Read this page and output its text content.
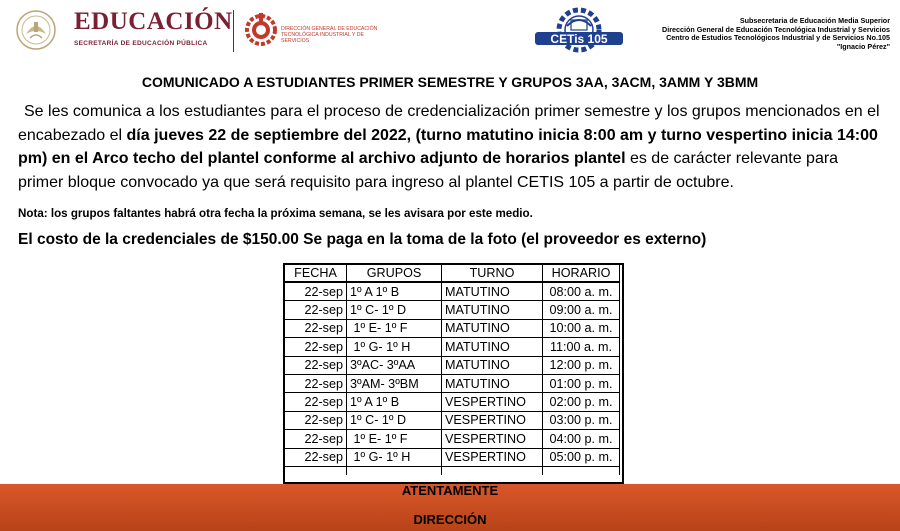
EDUCACIÓN
SECRETARÍA DE EDUCACIÓN PÚBLICA
DIRECCIÓN GENERAL DE EDUCACIÓN TECNOLÓGICA INDUSTRIAL Y DE SERVICIOS	CETis 105
Subsecretaria de Educación Media Superior
Dirección General de Educación Tecnológica Industrial y Servicios
Centro de Estudios Tecnológicos Industrial y de Servicios No.105
"Ignacio Pérez"
COMUNICADO A ESTUDIANTES PRIMER SEMESTRE Y GRUPOS 3AA, 3ACM, 3AMM Y 3BMM
Se les comunica a los estudiantes para el proceso de credencialización primer semestre y los grupos mencionados en el encabezado el día jueves 22 de septiembre del 2022, (turno matutino inicia 8:00 am y turno vespertino inicia 14:00 pm) en el Arco techo del plantel conforme al archivo adjunto de horarios plantel es de carácter relevante para primer bloque convocado ya que será requisito para ingreso al plantel CETIS 105 a partir de octubre.
Nota: los grupos faltantes habrá otra fecha la próxima semana, se les avisara por este medio.
El costo de la credenciales de $150.00 Se paga en la toma de la foto (el proveedor es externo)
FECHA	GRUPOS	TURNO	HORARIO
22-sep	1º A 1º B	MATUTINO	08:00 a. m.
22-sep	1º C- 1º D	MATUTINO	09:00 a. m.
22-sep	1º E- 1º F	MATUTINO	10:00 a. m.
22-sep	1º G- 1º H	MATUTINO	11:00 a. m.
22-sep	3ºAC- 3ºAA	MATUTINO	12:00 p. m.
22-sep	3ºAM- 3ºBM	MATUTINO	01:00 p. m.
22-sep	1º A 1º B	VESPERTINO	02:00 p. m.
22-sep	1º C- 1º D	VESPERTINO	03:00 p. m.
22-sep	1º E- 1º F	VESPERTINO	04:00 p. m.
22-sep	1º G- 1º H	VESPERTINO	05:00 p. m.

ATENTAMENTE
DIRECCIÓN
